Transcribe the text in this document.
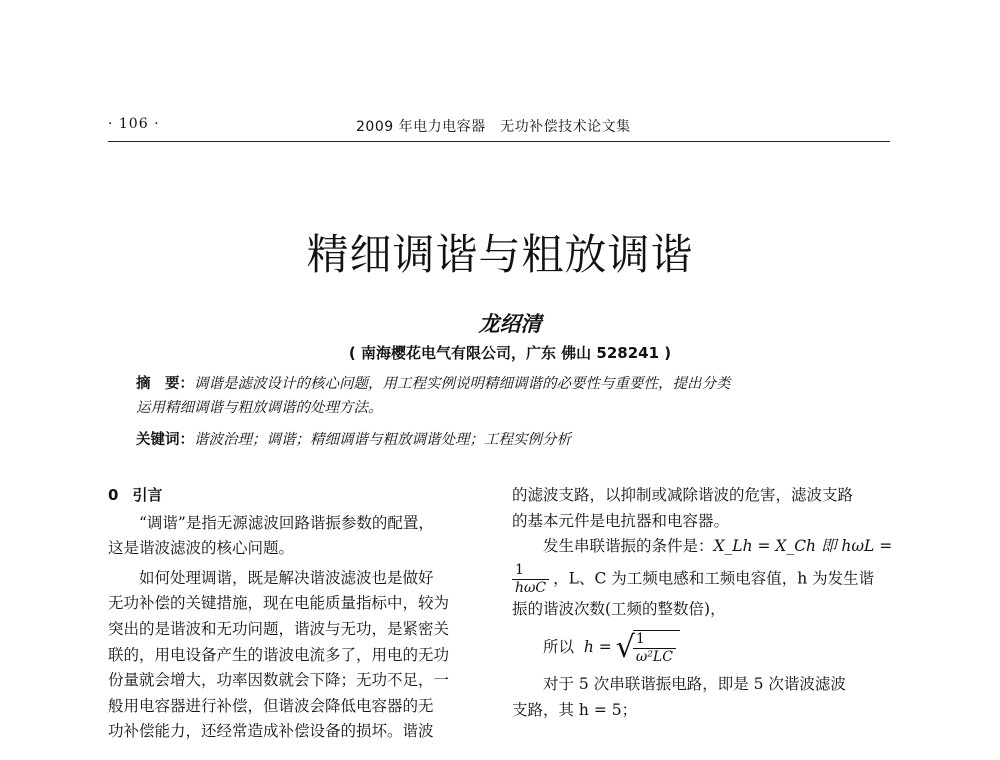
· 106 ·	2009 年电力电容器　无功补偿技术论文集
精细调谐与粗放调谐
龙绍清
( 南海樱花电气有限公司，广东 佛山 528241 )
摘　要：调谐是滤波设计的核心问题，用工程实例说明精细调谐的必要性与重要性，提出分类
运用精细调谐与粗放调谐的处理方法。
关键词：谐波治理；调谐；精细调谐与粗放调谐处理；工程实例分析
0 引言

“调谐”是指无源滤波回路谐振参数的配置，
这是谐波滤波的核心问题。

如何处理调谐，既是解决谐波滤波也是做好
无功补偿的关键措施，现在电能质量指标中，较为
突出的是谐波和无功问题，谐波与无功，是紧密关
联的，用电设备产生的谐波电流多了，用电的无功
份量就会增大，功率因数就会下降；无功不足，一
般用电容器进行补偿，但谐波会降低电容器的无
功补偿能力，还经常造成补偿设备的损坏。谐波

的滤波支路，以抑制或减除谐波的危害，滤波支路
的基本元件是电抗器和电容器。

发生串联谐振的条件是：X_Lh = X_Ch 即 hωL =
$\frac{1}{\text{hωC}}$ ，L、C 为工频电感和工频电容值，h 为发生谐
振的谐波次数(工频的整数倍)，

所以 h = √
$\frac{1}{\text{ω²LC}}$

对于 5 次串联谐振电路，即是 5 次谐波滤波
支路，其 h = 5；
